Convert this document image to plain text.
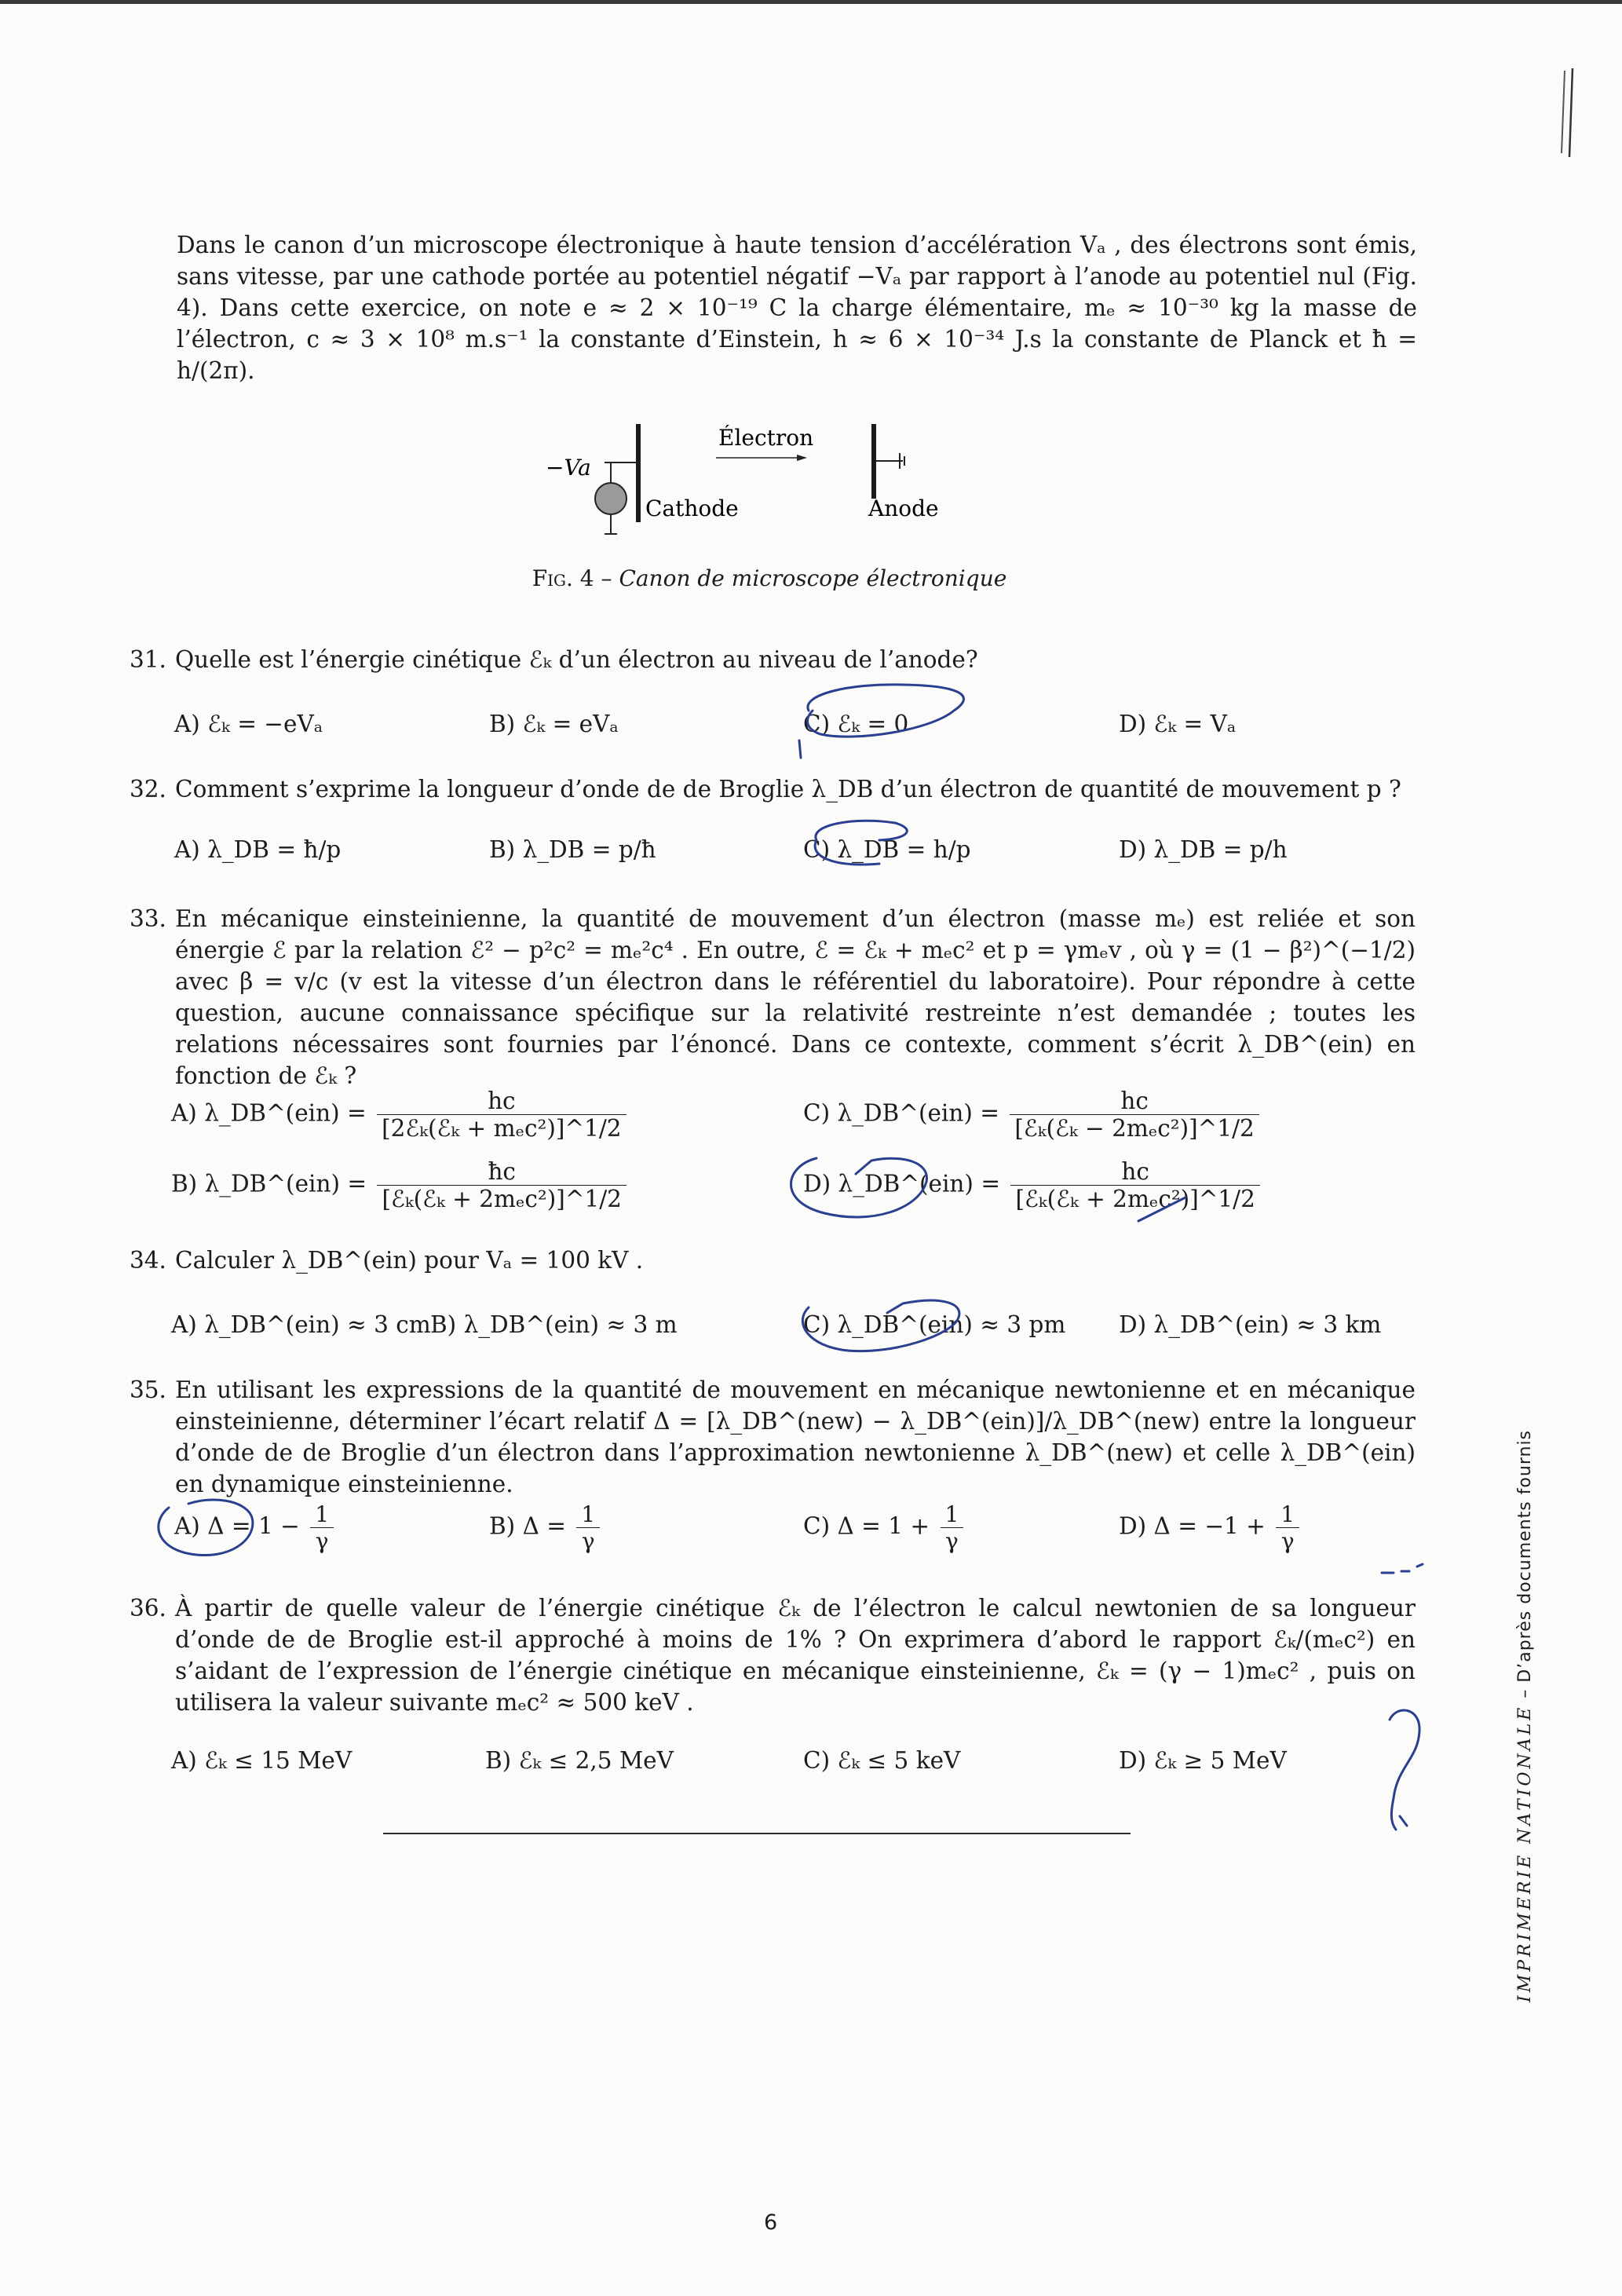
Dans le canon d’un microscope électronique à haute tension d’accélération Vₐ , des électrons sont émis, sans vitesse, par une cathode portée au potentiel négatif −Vₐ par rapport à l’anode au potentiel nul (Fig. 4). Dans cette exercice, on note e ≈ 2 × 10⁻¹⁹ C la charge élémentaire, mₑ ≈ 10⁻³⁰ kg la masse de l’électron, c ≈ 3 × 10⁸ m.s⁻¹ la constante d’Einstein, h ≈ 6 × 10⁻³⁴ J.s la constante de Planck et ħ = h/(2π).
−Va
Électron
Cathode	Anode
Fig. 4 – Canon de microscope électronique
31. Quelle est l’énergie cinétique ℰₖ d’un électron au niveau de l’anode?
A) ℰₖ = −eVₐ	B) ℰₖ = eVₐ	C) ℰₖ = 0	D) ℰₖ = Vₐ
32. Comment s’exprime la longueur d’onde de de Broglie λ_DB d’un électron de quantité de mouvement p ?
A) λ_DB = ħ/p	B) λ_DB = p/ħ	C) λ_DB = h/p	D) λ_DB = p/h
33. En mécanique einsteinienne, la quantité de mouvement d’un électron (masse mₑ) est reliée et son énergie ℰ par la relation ℰ² − p²c² = mₑ²c⁴ . En outre, ℰ = ℰₖ + mₑc² et p = γmₑv , où γ = (1 − β²)^(−1/2) avec β = v/c (v est la vitesse d’un électron dans le référentiel du laboratoire). Pour répondre à cette question, aucune connaissance spécifique sur la relativité restreinte n’est demandée ; toutes les relations nécessaires sont fournies par l’énoncé. Dans ce contexte, comment s’écrit λ_DB^(ein) en fonction de ℰₖ ?
A) λ_DB^(ein) = $\frac{hc}{\text{[2ℰₖ(ℰₖ + mₑc²)]\textasciicircum{}1/2}}$
B) λ_DB^(ein) = $\frac{ħc}{\text{[ℰₖ(ℰₖ + 2mₑc²)]\textasciicircum{}1/2}}$
C) λ_DB^(ein) = $\frac{hc}{\text{[ℰₖ(ℰₖ − 2mₑc²)]\textasciicircum{}1/2}}$
D) λ_DB^(ein) = $\frac{hc}{\text{[ℰₖ(ℰₖ + 2mₑc²)]\textasciicircum{}1/2}}$
34. Calculer λ_DB^(ein) pour Vₐ = 100 kV .
A) λ_DB^(ein) ≈ 3 cm B) λ_DB^(ein) ≈ 3 m	C) λ_DB^(ein) ≈ 3 pm D) λ_DB^(ein) ≈ 3 km
35. En utilisant les expressions de la quantité de mouvement en mécanique newtonienne et en mécanique einsteinienne, déterminer l’écart relatif Δ = [λ_DB^(new) − λ_DB^(ein)]/λ_DB^(new) entre la longueur d’onde de de Broglie d’un électron dans l’approximation newtonienne λ_DB^(new) et celle λ_DB^(ein) en dynamique einsteinienne.
A) $\Delta = 1 - \frac{1}{\gamma}$	B) $\Delta = \frac{1}{\gamma}$	C) $\Delta = 1 + \frac{1}{\gamma}$	D) $\Delta = -1 + \frac{1}{\gamma}$
36. À partir de quelle valeur de l’énergie cinétique ℰₖ de l’électron le calcul newtonien de sa longueur d’onde de de Broglie est-il approché à moins de 1% ? On exprimera d’abord le rapport ℰₖ/(mₑc²) en s’aidant de l’expression de l’énergie cinétique en mécanique einsteinienne, ℰₖ = (γ − 1)mₑc² , puis on utilisera la valeur suivante mₑc² ≈ 500 keV .
A) ℰₖ ≤ 15 MeV	B) ℰₖ ≤ 2,5 MeV	C) ℰₖ ≤ 5 keV	D) ℰₖ ≥ 5 MeV
6
IMPRIMERIE NATIONALE – D’après documents fournis
?
